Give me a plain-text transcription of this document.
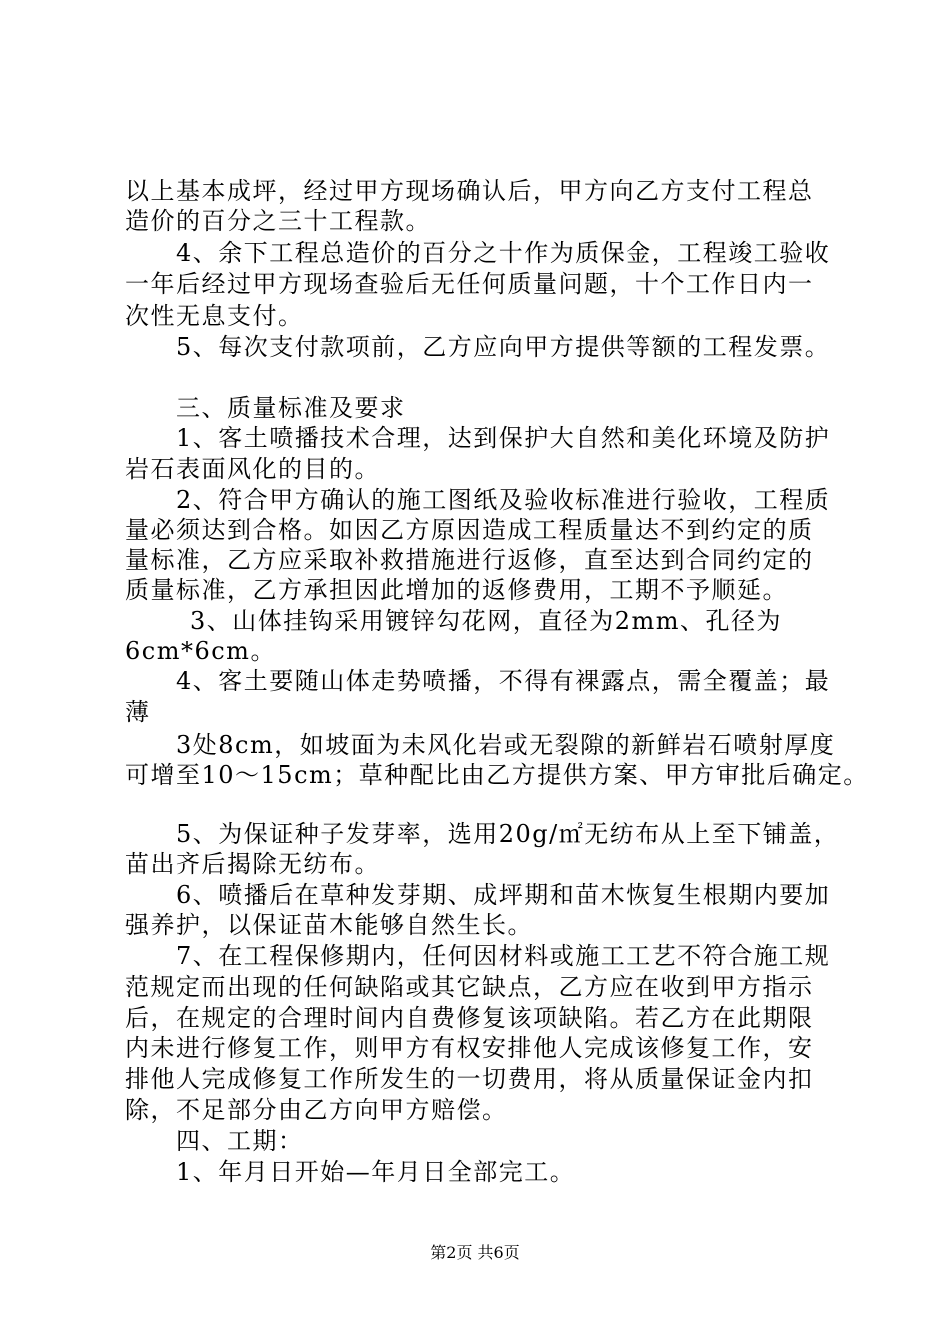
以上基本成坪，经过甲方现场确认后，甲方向乙方支付工程总
造价的百分之三十工程款。
4、余下工程总造价的百分之十作为质保金，工程竣工验收
一年后经过甲方现场查验后无任何质量问题，十个工作日内一
次性无息支付。
5、每次支付款项前，乙方应向甲方提供等额的工程发票。
三、质量标准及要求
1、客土喷播技术合理，达到保护大自然和美化环境及防护
岩石表面风化的目的。
2、符合甲方确认的施工图纸及验收标准进行验收，工程质
量必须达到合格。如因乙方原因造成工程质量达不到约定的质
量标准，乙方应采取补救措施进行返修，直至达到合同约定的
质量标准，乙方承担因此增加的返修费用，工期不予顺延。
3、山体挂钩采用镀锌勾花网，直径为2mm、孔径为
6cm*6cm。
4、客土要随山体走势喷播，不得有裸露点，需全覆盖；最
薄
3处8cm，如坡面为未风化岩或无裂隙的新鲜岩石喷射厚度
可增至10～15cm；草种配比由乙方提供方案、甲方审批后确定。
5、为保证种子发芽率，选用20g/㎡无纺布从上至下铺盖，
苗出齐后揭除无纺布。
6、喷播后在草种发芽期、成坪期和苗木恢复生根期内要加
强养护，以保证苗木能够自然生长。
7、在工程保修期内，任何因材料或施工工艺不符合施工规
范规定而出现的任何缺陷或其它缺点，乙方应在收到甲方指示
后，在规定的合理时间内自费修复该项缺陷。若乙方在此期限
内未进行修复工作，则甲方有权安排他人完成该修复工作，安
排他人完成修复工作所发生的一切费用，将从质量保证金内扣
除，不足部分由乙方向甲方赔偿。
四、工期：
1、年月日开始—年月日全部完工。
第2页 共6页
